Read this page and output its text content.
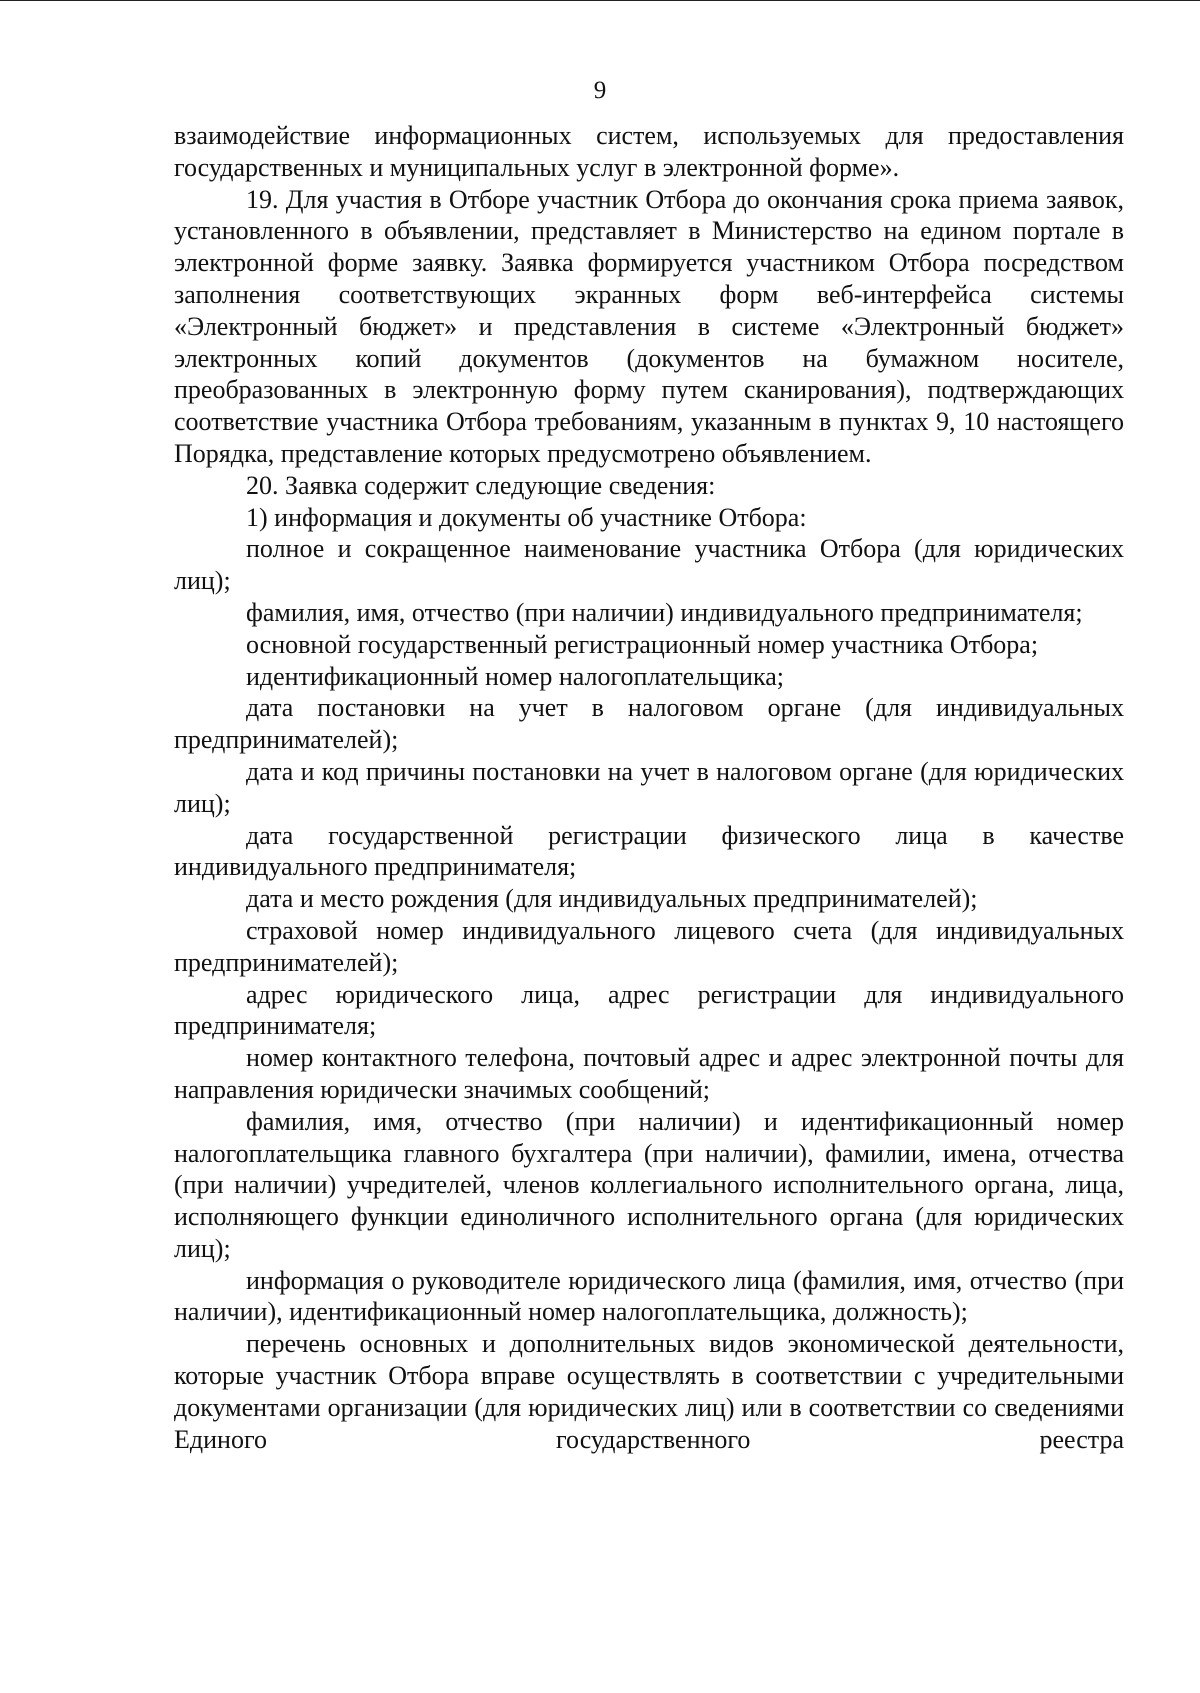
9

взаимодействие информационных систем, используемых для предоставления государственных и муниципальных услуг в электронной форме».

19. Для участия в Отборе участник Отбора до окончания срока приема заявок, установленного в объявлении, представляет в Министерство на едином портале в электронной форме заявку. Заявка формируется участником Отбора посредством заполнения соответствующих экранных форм веб-интерфейса системы «Электронный бюджет» и представления в системе «Электронный бюджет» электронных копий документов (документов на бумажном носителе, преобразованных в электронную форму путем сканирования), подтверждающих соответствие участника Отбора требованиям, указанным в пунктах 9, 10 настоящего Порядка, представление которых предусмотрено объявлением.

20. Заявка содержит следующие сведения:

1) информация и документы об участнике Отбора:

полное и сокращенное наименование участника Отбора (для юридических лиц);

фамилия, имя, отчество (при наличии) индивидуального предпринимателя;

основной государственный регистрационный номер участника Отбора;

идентификационный номер налогоплательщика;

дата постановки на учет в налоговом органе (для индивидуальных предпринимателей);

дата и код причины постановки на учет в налоговом органе (для юридических лиц);

дата государственной регистрации физического лица в качестве индивидуального предпринимателя;

дата и место рождения (для индивидуальных предпринимателей);

страховой номер индивидуального лицевого счета (для индивидуальных предпринимателей);

адрес юридического лица, адрес регистрации для индивидуального предпринимателя;

номер контактного телефона, почтовый адрес и адрес электронной почты для направления юридически значимых сообщений;

фамилия, имя, отчество (при наличии) и идентификационный номер налогоплательщика главного бухгалтера (при наличии), фамилии, имена, отчества (при наличии) учредителей, членов коллегиального исполнительного органа, лица, исполняющего функции единоличного исполнительного органа (для юридических лиц);

информация о руководителе юридического лица (фамилия, имя, отчество (при наличии), идентификационный номер налогоплательщика, должность);

перечень основных и дополнительных видов экономической деятельности, которые участник Отбора вправе осуществлять в соответствии с учредительными документами организации (для юридических лиц) или в соответствии со сведениями Единого государственного реестра
